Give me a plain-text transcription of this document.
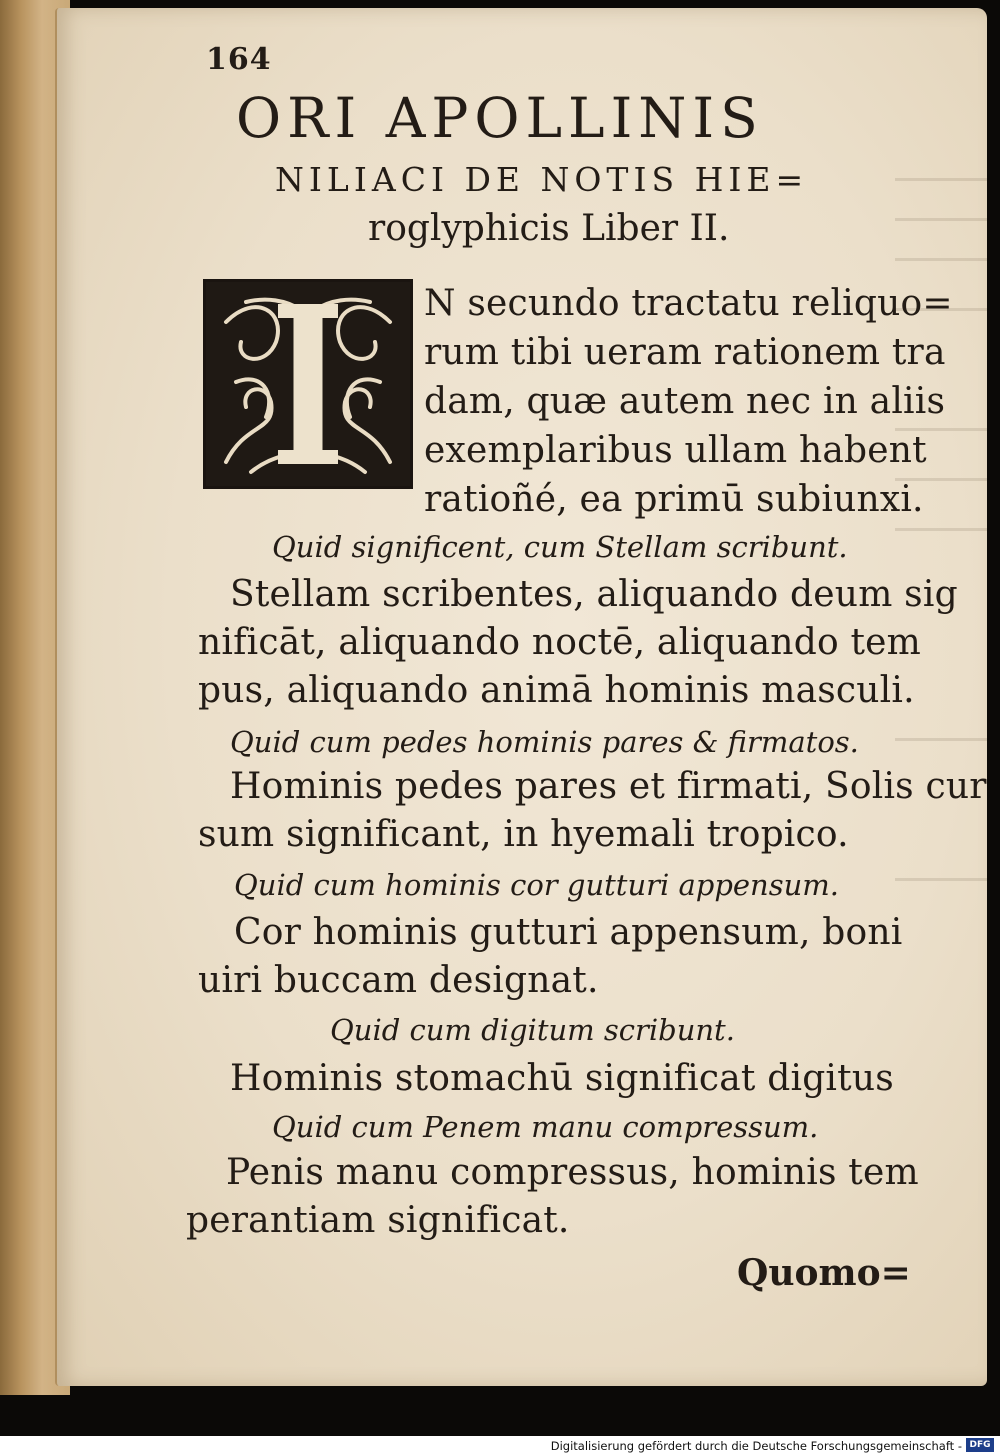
164
ORI APOLLINIS
NILIACI DE NOTIS HIE=
roglyphicis Liber II.
N secundo tractatu reliquo=
rum tibi ueram rationem tra
dam, quæ autem nec in aliis
exemplaribus ullam habent
ratioñé, ea primū subiunxi.
Quid significent, cum Stellam scribunt.
Stellam scribentes, aliquando deum sig
nificāt, aliquando noctē, aliquando tem
pus, aliquando animā hominis masculi.
Quid cum pedes hominis pares & firmatos.
Hominis pedes pares et firmati, Solis cur
sum significant, in hyemali tropico.
Quid cum hominis cor gutturi appensum.
Cor hominis gutturi appensum, boni
uiri buccam designat.
Quid cum digitum scribunt.
Hominis stomachū significat digitus
Quid cum Penem manu compressum.
Penis manu compressus, hominis tem
perantiam significat.
Quomo=
Digitalisierung gefördert durch die Deutsche Forschungsgemeinschaft - DFG
